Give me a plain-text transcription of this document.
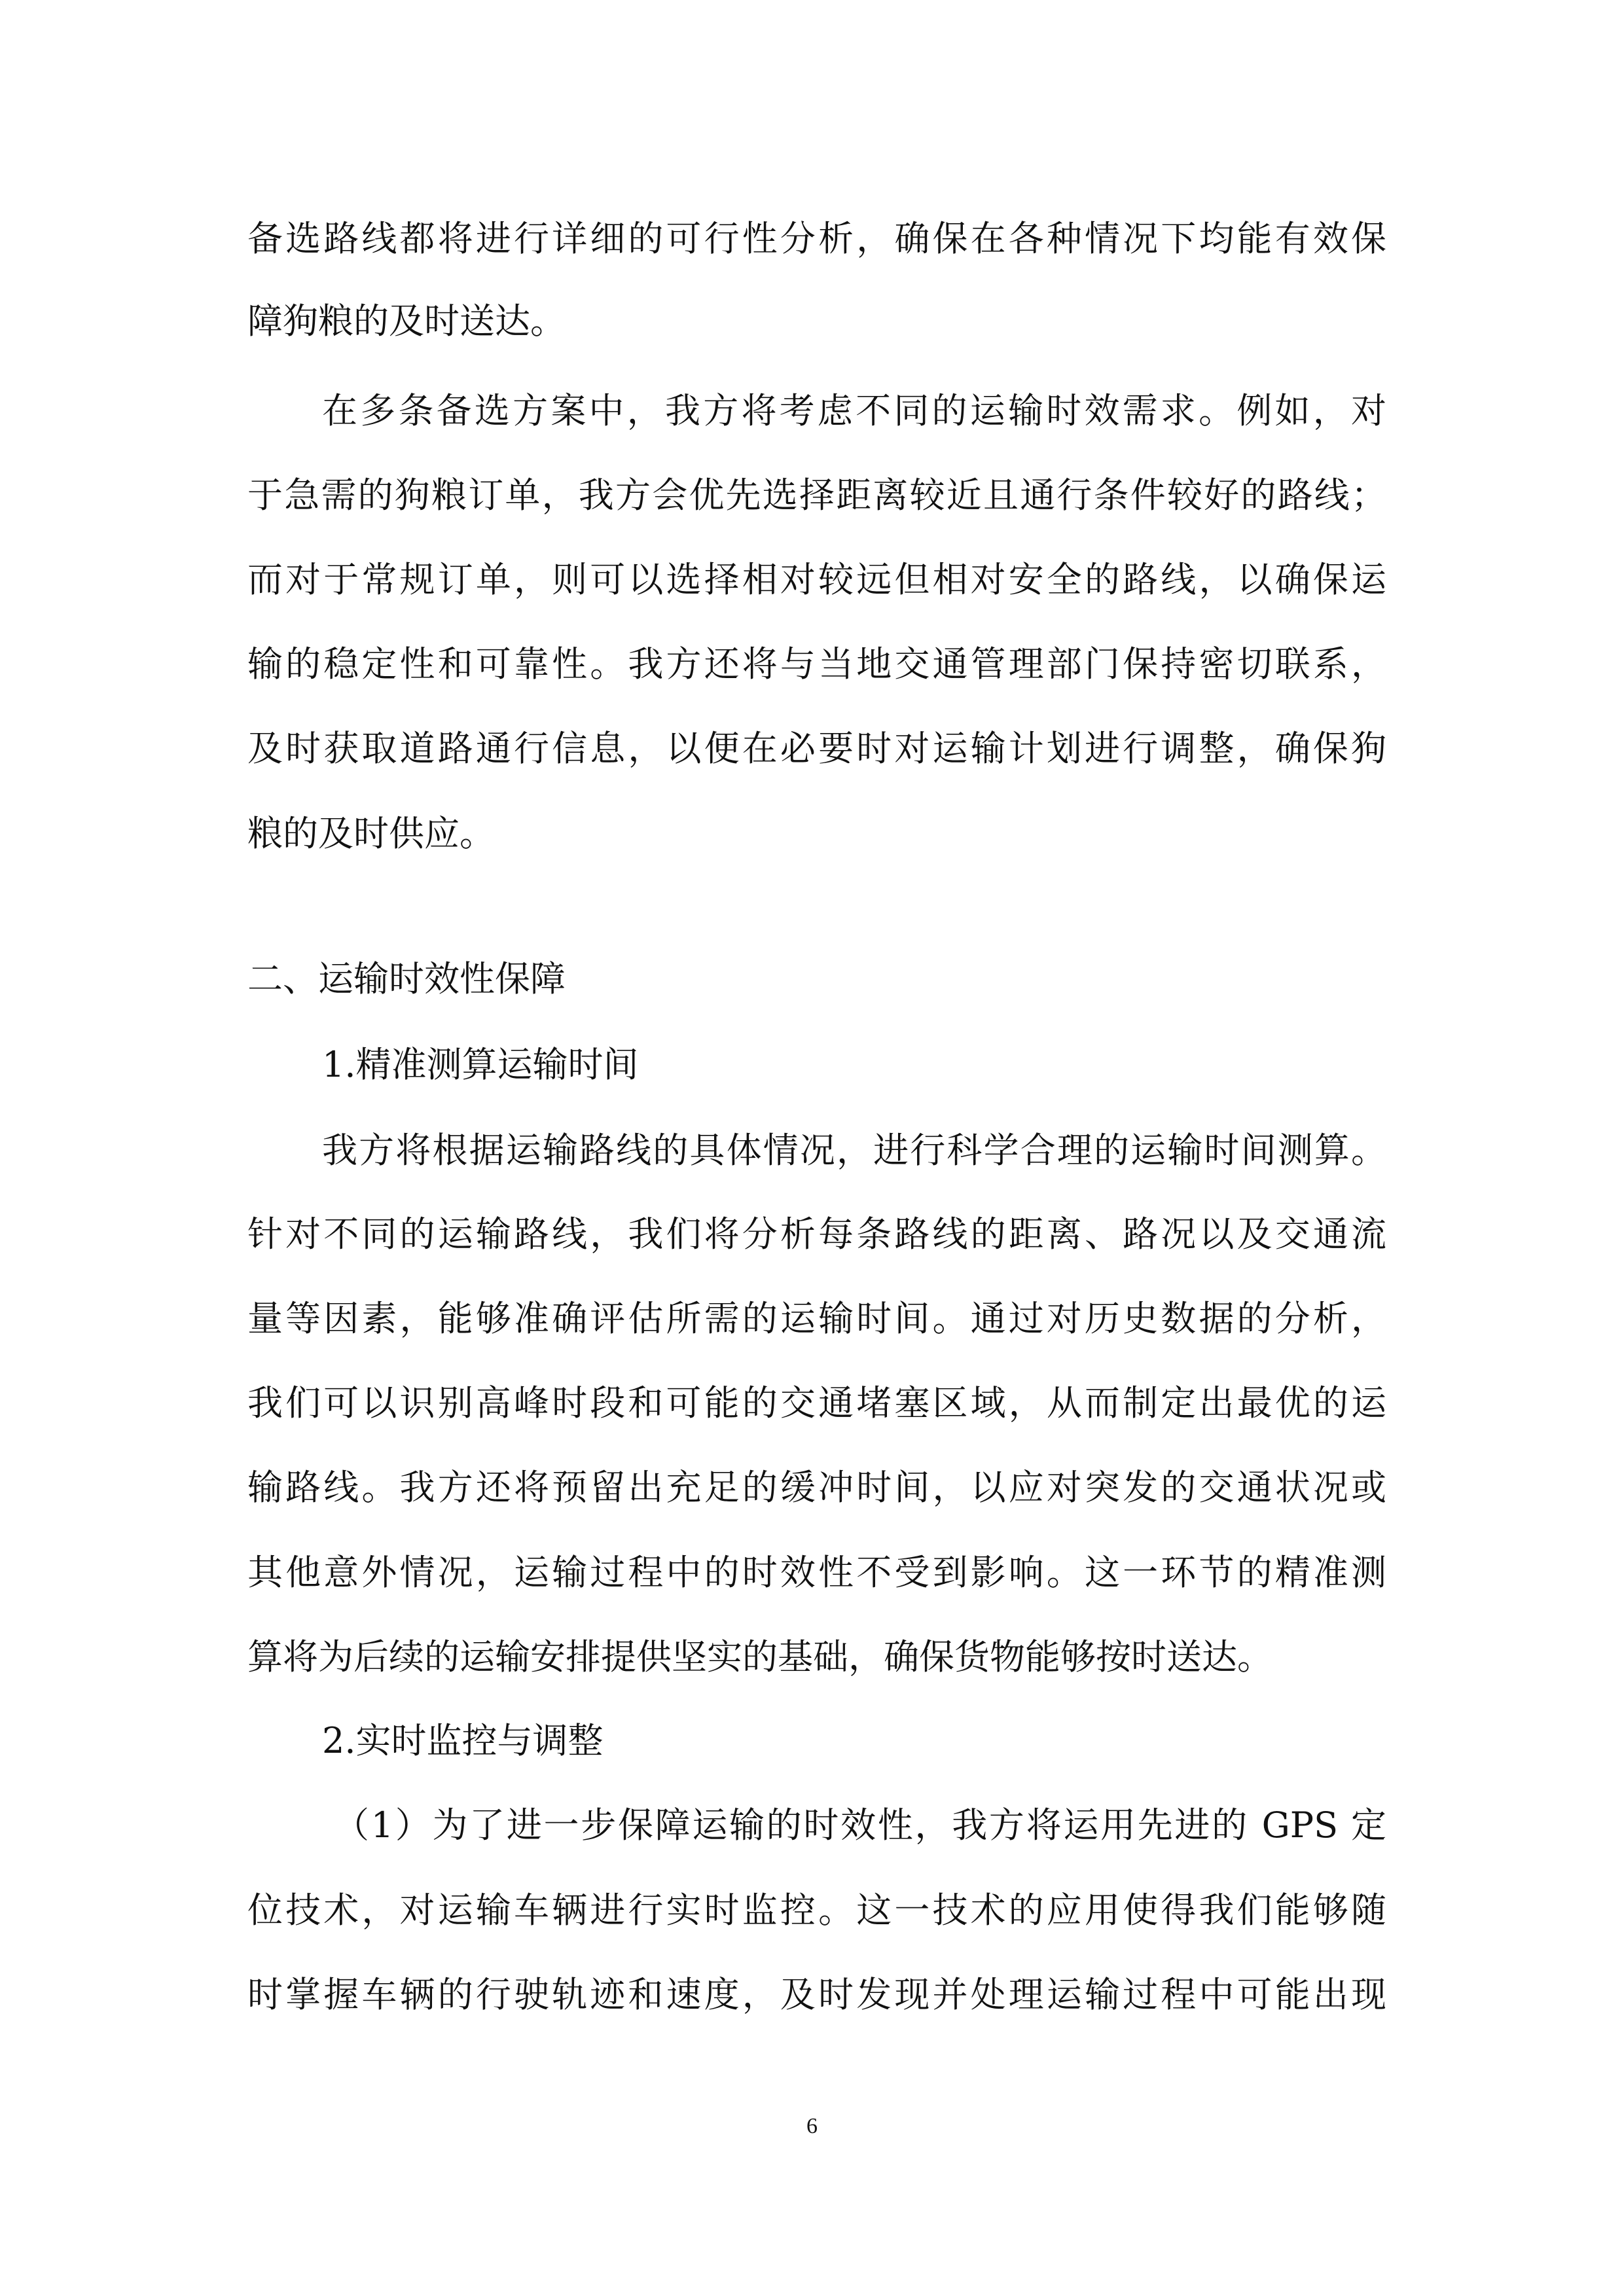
备选路线都将进行详细的可行性分析，确保在各种情况下均能有效保
障狗粮的及时送达。
在多条备选方案中，我方将考虑不同的运输时效需求。例如，对
于急需的狗粮订单，我方会优先选择距离较近且通行条件较好的路线；
而对于常规订单，则可以选择相对较远但相对安全的路线，以确保运
输的稳定性和可靠性。我方还将与当地交通管理部门保持密切联系，
及时获取道路通行信息，以便在必要时对运输计划进行调整，确保狗
粮的及时供应。
二、运输时效性保障
1.精准测算运输时间
我方将根据运输路线的具体情况，进行科学合理的运输时间测算。
针对不同的运输路线，我们将分析每条路线的距离、路况以及交通流
量等因素，能够准确评估所需的运输时间。通过对历史数据的分析，
我们可以识别高峰时段和可能的交通堵塞区域，从而制定出最优的运
输路线。我方还将预留出充足的缓冲时间，以应对突发的交通状况或
其他意外情况，运输过程中的时效性不受到影响。这一环节的精准测
算将为后续的运输安排提供坚实的基础，确保货物能够按时送达。
2.实时监控与调整
（1）为了进一步保障运输的时效性，我方将运用先进的 GPS 定
位技术，对运输车辆进行实时监控。这一技术的应用使得我们能够随
时掌握车辆的行驶轨迹和速度，及时发现并处理运输过程中可能出现
6
